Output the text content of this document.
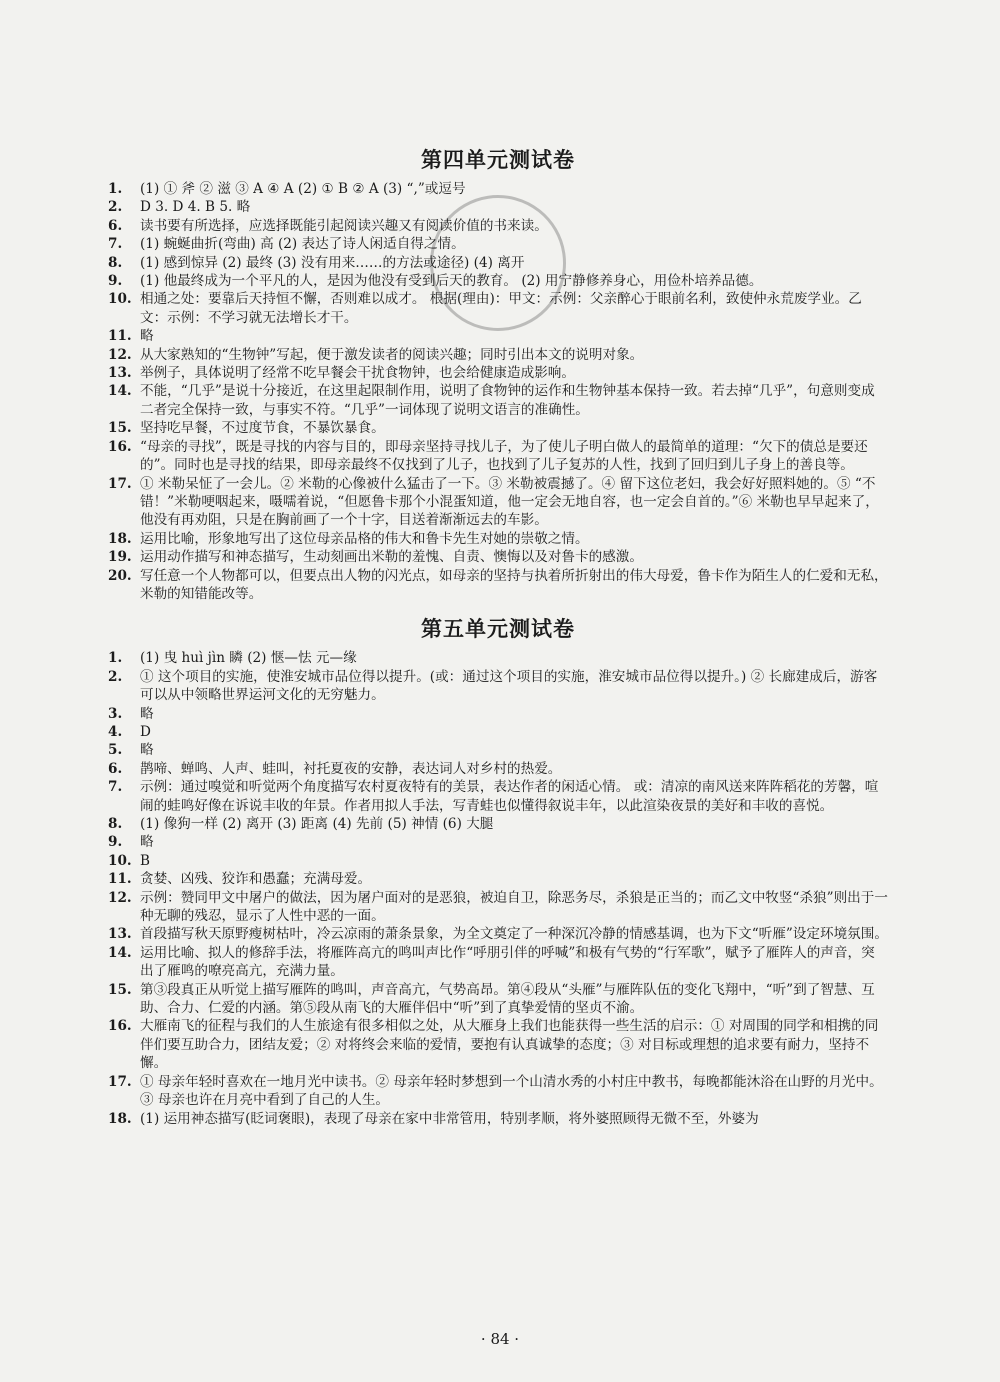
第四单元测试卷
1.	(1) ① 斧 ② 滋 ③ A ④ A (2) ① B ② A (3) “,”或逗号
2.	D 3. D 4. B 5. 略
6.	读书要有所选择，应选择既能引起阅读兴趣又有阅读价值的书来读。
7.	(1) 蜿蜒曲折(弯曲) 高 (2) 表达了诗人闲适自得之情。
8.	(1) 感到惊异 (2) 最终 (3) 没有用来……的方法或途径) (4) 离开
9.	(1) 他最终成为一个平凡的人，是因为他没有受到后天的教育。 (2) 用宁静修养身心，用俭朴培养品德。
10. 相通之处：要靠后天持恒不懈，否则难以成才。 根据(理由)：甲文：示例：父亲醉心于眼前名利，致使仲永荒废学业。乙文：示例：不学习就无法增长才干。
11. 略
12. 从大家熟知的“生物钟”写起，便于激发读者的阅读兴趣；同时引出本文的说明对象。
13. 举例子，具体说明了经常不吃早餐会干扰食物钟，也会给健康造成影响。
14. 不能，“几乎”是说十分接近，在这里起限制作用，说明了食物钟的运作和生物钟基本保持一致。若去掉“几乎”，句意则变成二者完全保持一致，与事实不符。“几乎”一词体现了说明文语言的准确性。
15. 坚持吃早餐，不过度节食，不暴饮暴食。
16. “母亲的寻找”，既是寻找的内容与目的，即母亲坚持寻找儿子，为了使儿子明白做人的最简单的道理：“欠下的债总是要还的”。同时也是寻找的结果，即母亲最终不仅找到了儿子，也找到了儿子复苏的人性，找到了回归到儿子身上的善良等。
17. ① 米勒呆怔了一会儿。② 米勒的心像被什么猛击了一下。③ 米勒被震撼了。④ 留下这位老妇，我会好好照料她的。⑤ “不错！”米勒哽咽起来，嗫嚅着说，“但愿鲁卡那个小混蛋知道，他一定会无地自容，也一定会自首的。”⑥ 米勒也早早起来了，他没有再劝阻，只是在胸前画了一个十字，目送着渐渐远去的车影。
18. 运用比喻，形象地写出了这位母亲品格的伟大和鲁卡先生对她的崇敬之情。
19. 运用动作描写和神态描写，生动刻画出米勒的羞愧、自责、懊悔以及对鲁卡的感激。
20. 写任意一个人物都可以，但要点出人物的闪光点，如母亲的坚持与执着所折射出的伟大母爱，鲁卡作为陌生人的仁爱和无私，米勒的知错能改等。
第五单元测试卷
1.	(1) 曳 huì jìn 瞵 (2) 惬—怯 元—缘
2.	① 这个项目的实施，使淮安城市品位得以提升。(或：通过这个项目的实施，淮安城市品位得以提升。) ② 长廊建成后，游客可以从中领略世界运河文化的无穷魅力。
3.	略
4.	D
5.	略
6.	鹊啼、蝉鸣、人声、蛙叫，衬托夏夜的安静，表达词人对乡村的热爱。
7.	示例：通过嗅觉和听觉两个角度描写农村夏夜特有的美景，表达作者的闲适心情。 或：清凉的南风送来阵阵稻花的芳馨，喧闹的蛙鸣好像在诉说丰收的年景。作者用拟人手法，写青蛙也似懂得叙说丰年，以此渲染夜景的美好和丰收的喜悦。
8.	(1) 像狗一样 (2) 离开 (3) 距离 (4) 先前 (5) 神情 (6) 大腿
9.	略
10. B
11. 贪婪、凶残、狡诈和愚蠢；充满母爱。
12. 示例：赞同甲文中屠户的做法，因为屠户面对的是恶狼，被迫自卫，除恶务尽，杀狼是正当的；而乙文中牧竖“杀狼”则出于一种无聊的残忍，显示了人性中恶的一面。
13. 首段描写秋天原野瘦树枯叶，冷云凉雨的萧条景象，为全文奠定了一种深沉冷静的情感基调，也为下文“听雁”设定环境氛围。
14. 运用比喻、拟人的修辞手法，将雁阵高亢的鸣叫声比作“呼朋引伴的呼喊”和极有气势的“行军歌”，赋予了雁阵人的声音，突出了雁鸣的嘹亮高亢，充满力量。
15. 第③段真正从听觉上描写雁阵的鸣叫，声音高亢，气势高昂。第④段从“头雁”与雁阵队伍的变化飞翔中，“听”到了智慧、互助、合力、仁爱的内涵。第⑤段从南飞的大雁伴侣中“听”到了真挚爱情的坚贞不渝。
16. 大雁南飞的征程与我们的人生旅途有很多相似之处，从大雁身上我们也能获得一些生活的启示：① 对周围的同学和相携的同伴们要互助合力，团结友爱；② 对将终会来临的爱情，要抱有认真诚挚的态度；③ 对目标或理想的追求要有耐力，坚持不懈。
17. ① 母亲年轻时喜欢在一地月光中读书。② 母亲年轻时梦想到一个山清水秀的小村庄中教书，每晚都能沐浴在山野的月光中。③ 母亲也许在月亮中看到了自己的人生。
18. (1) 运用神态描写(眨词褒眼)，表现了母亲在家中非常管用，特别孝顺，将外婆照顾得无微不至，外婆为
· 84 ·
